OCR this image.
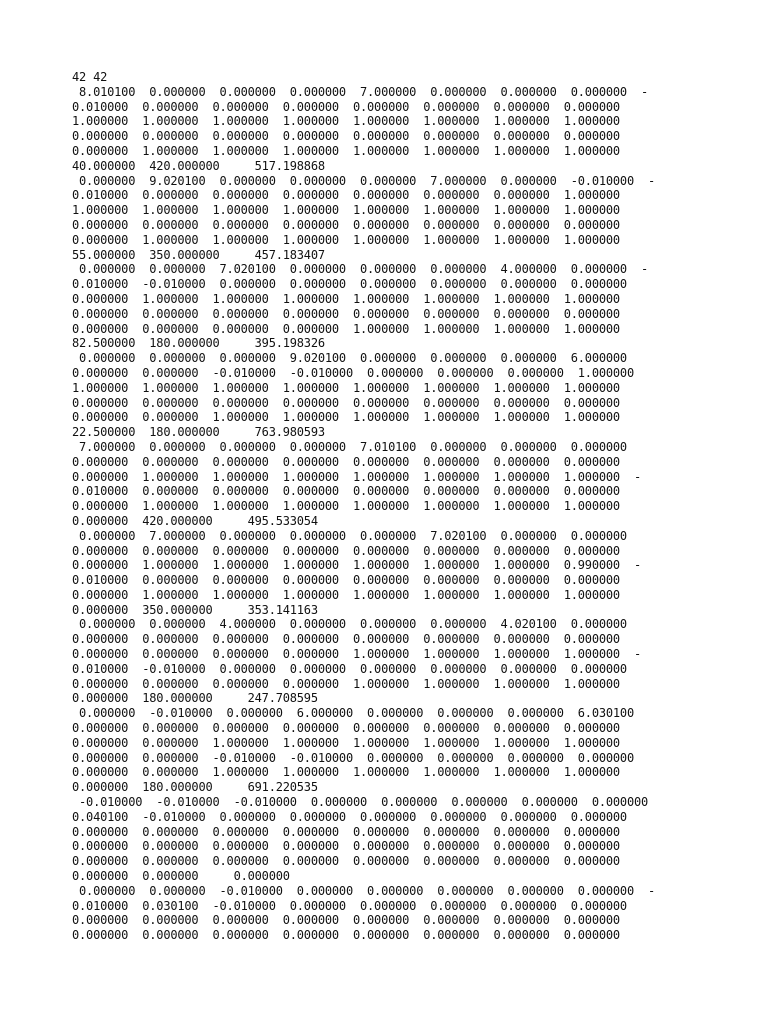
42 42
8.010100  0.000000  0.000000  0.000000  7.000000  0.000000  0.000000  0.000000  -
0.010000  0.000000  0.000000  0.000000  0.000000  0.000000  0.000000  0.000000
1.000000  1.000000  1.000000  1.000000  1.000000  1.000000  1.000000  1.000000
0.000000  0.000000  0.000000  0.000000  0.000000  0.000000  0.000000  0.000000
0.000000  1.000000  1.000000  1.000000  1.000000  1.000000  1.000000  1.000000
40.000000  420.000000     517.198868
0.000000  9.020100  0.000000  0.000000  0.000000  7.000000  0.000000  -0.010000  -
0.010000  0.000000  0.000000  0.000000  0.000000  0.000000  0.000000  1.000000
1.000000  1.000000  1.000000  1.000000  1.000000  1.000000  1.000000  1.000000
0.000000  0.000000  0.000000  0.000000  0.000000  0.000000  0.000000  0.000000
0.000000  1.000000  1.000000  1.000000  1.000000  1.000000  1.000000  1.000000
55.000000  350.000000     457.183407
0.000000  0.000000  7.020100  0.000000  0.000000  0.000000  4.000000  0.000000  -
0.010000  -0.010000  0.000000  0.000000  0.000000  0.000000  0.000000  0.000000
0.000000  1.000000  1.000000  1.000000  1.000000  1.000000  1.000000  1.000000
0.000000  0.000000  0.000000  0.000000  0.000000  0.000000  0.000000  0.000000
0.000000  0.000000  0.000000  0.000000  1.000000  1.000000  1.000000  1.000000
82.500000  180.000000     395.198326
0.000000  0.000000  0.000000  9.020100  0.000000  0.000000  0.000000  6.000000
0.000000  0.000000  -0.010000  -0.010000  0.000000  0.000000  0.000000  1.000000
1.000000  1.000000  1.000000  1.000000  1.000000  1.000000  1.000000  1.000000
0.000000  0.000000  0.000000  0.000000  0.000000  0.000000  0.000000  0.000000
0.000000  0.000000  1.000000  1.000000  1.000000  1.000000  1.000000  1.000000
22.500000  180.000000     763.980593
7.000000  0.000000  0.000000  0.000000  7.010100  0.000000  0.000000  0.000000
0.000000  0.000000  0.000000  0.000000  0.000000  0.000000  0.000000  0.000000
0.000000  1.000000  1.000000  1.000000  1.000000  1.000000  1.000000  1.000000  -
0.010000  0.000000  0.000000  0.000000  0.000000  0.000000  0.000000  0.000000
0.000000  1.000000  1.000000  1.000000  1.000000  1.000000  1.000000  1.000000
0.000000  420.000000     495.533054
0.000000  7.000000  0.000000  0.000000  0.000000  7.020100  0.000000  0.000000
0.000000  0.000000  0.000000  0.000000  0.000000  0.000000  0.000000  0.000000
0.000000  1.000000  1.000000  1.000000  1.000000  1.000000  1.000000  0.990000  -
0.010000  0.000000  0.000000  0.000000  0.000000  0.000000  0.000000  0.000000
0.000000  1.000000  1.000000  1.000000  1.000000  1.000000  1.000000  1.000000
0.000000  350.000000     353.141163
0.000000  0.000000  4.000000  0.000000  0.000000  0.000000  4.020100  0.000000
0.000000  0.000000  0.000000  0.000000  0.000000  0.000000  0.000000  0.000000
0.000000  0.000000  0.000000  0.000000  1.000000  1.000000  1.000000  1.000000  -
0.010000  -0.010000  0.000000  0.000000  0.000000  0.000000  0.000000  0.000000
0.000000  0.000000  0.000000  0.000000  1.000000  1.000000  1.000000  1.000000
0.000000  180.000000     247.708595
0.000000  -0.010000  0.000000  6.000000  0.000000  0.000000  0.000000  6.030100
0.000000  0.000000  0.000000  0.000000  0.000000  0.000000  0.000000  0.000000
0.000000  0.000000  1.000000  1.000000  1.000000  1.000000  1.000000  1.000000
0.000000  0.000000  -0.010000  -0.010000  0.000000  0.000000  0.000000  0.000000
0.000000  0.000000  1.000000  1.000000  1.000000  1.000000  1.000000  1.000000
0.000000  180.000000     691.220535
-0.010000  -0.010000  -0.010000  0.000000  0.000000  0.000000  0.000000  0.000000
0.040100  -0.010000  0.000000  0.000000  0.000000  0.000000  0.000000  0.000000
0.000000  0.000000  0.000000  0.000000  0.000000  0.000000  0.000000  0.000000
0.000000  0.000000  0.000000  0.000000  0.000000  0.000000  0.000000  0.000000
0.000000  0.000000  0.000000  0.000000  0.000000  0.000000  0.000000  0.000000
0.000000  0.000000     0.000000
0.000000  0.000000  -0.010000  0.000000  0.000000  0.000000  0.000000  0.000000  -
0.010000  0.030100  -0.010000  0.000000  0.000000  0.000000  0.000000  0.000000
0.000000  0.000000  0.000000  0.000000  0.000000  0.000000  0.000000  0.000000
0.000000  0.000000  0.000000  0.000000  0.000000  0.000000  0.000000  0.000000
